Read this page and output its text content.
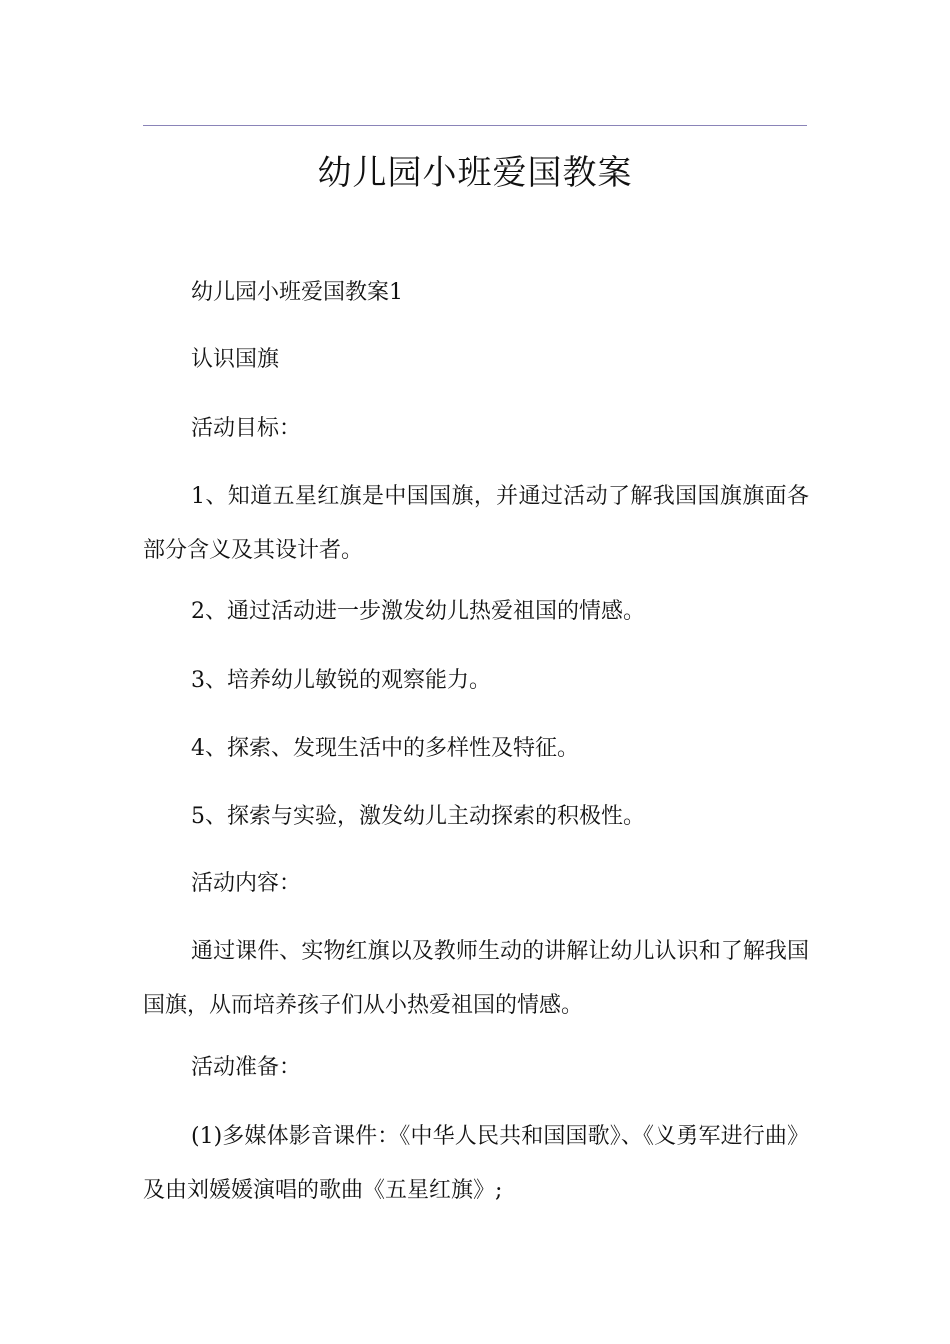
幼儿园小班爱国教案

幼儿园小班爱国教案1

认识国旗

活动目标：

1、知道五星红旗是中国国旗，并通过活动了解我国国旗旗面各部分含义及其设计者。

2、通过活动进一步激发幼儿热爱祖国的情感。

3、培养幼儿敏锐的观察能力。

4、探索、发现生活中的多样性及特征。

5、探索与实验，激发幼儿主动探索的积极性。

活动内容：

通过课件、实物红旗以及教师生动的讲解让幼儿认识和了解我国国旗，从而培养孩子们从小热爱祖国的情感。

活动准备：

(1)多媒体影音课件：《中华人民共和国国歌》、《义勇军进行曲》及由刘媛媛演唱的歌曲《五星红旗》;
